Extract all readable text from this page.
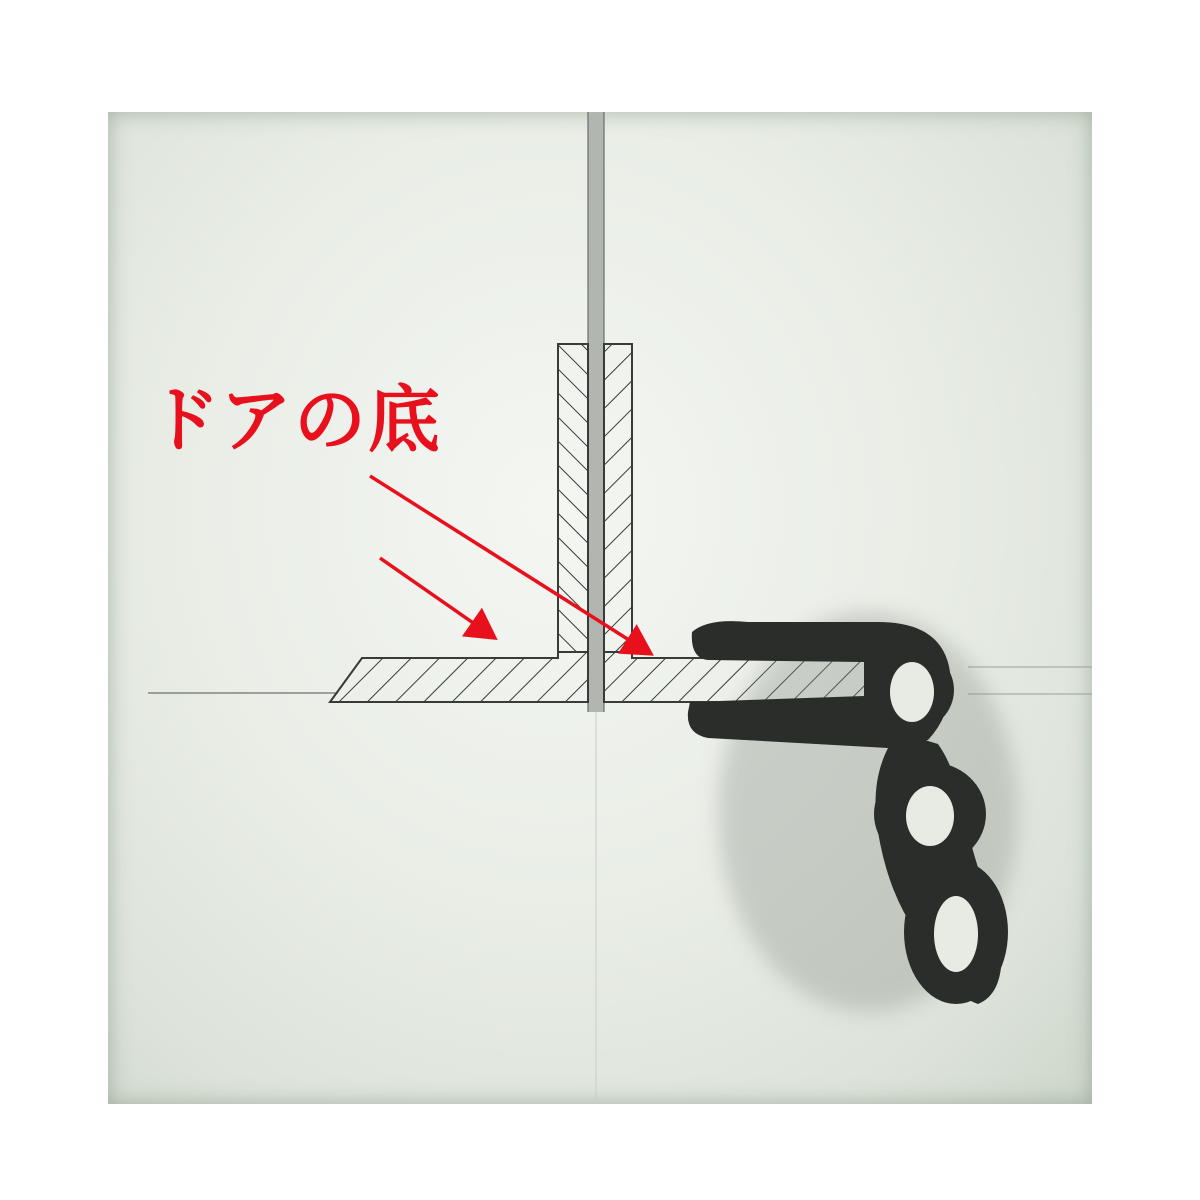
ドアの底
